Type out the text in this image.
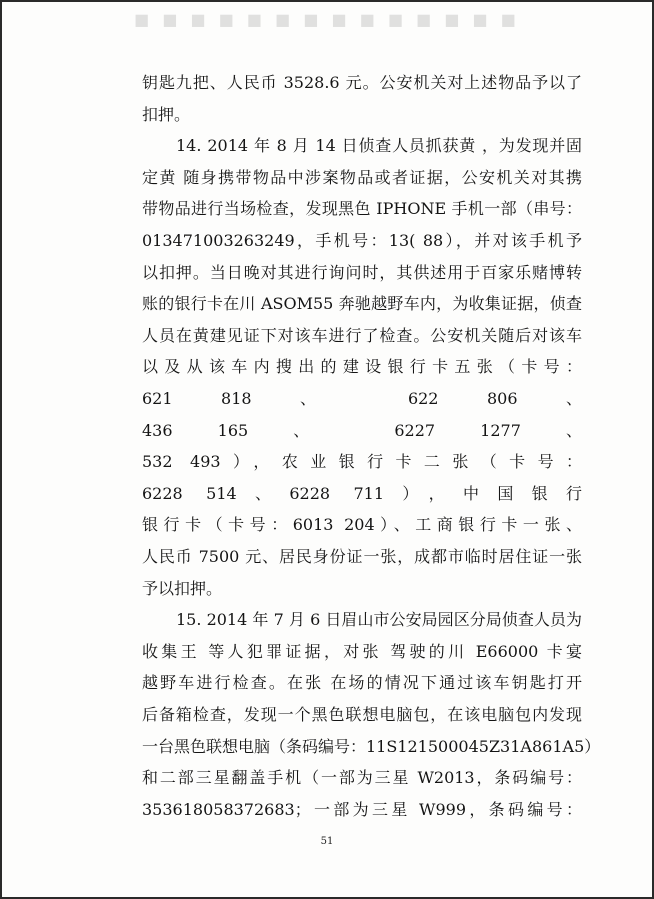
■ ■ ■ ■ ■ ■ ■ ■ ■ ■ ■ ■ ■ ■
51
钥匙九把、人民币 3528.6 元。公安机关对上述物品予以了
扣押。
14. 2014 年 8 月 14 日侦查人员抓获黄 ，为发现并固
定黄 随身携带物品中涉案物品或者证据，公安机关对其携
带物品进行当场检查，发现黑色 IPHONE 手机一部（串号：
013471003263249，手机号：13( 88），并对该手机予
以扣押。当日晚对其进行询问时，其供述用于百家乐赌博转
账的银行卡在川 ASOM55 奔驰越野车内，为收集证据，侦查
人员在黄建见证下对该车进行了检查。公安机关随后对该车
以及从该车内搜出的建设银行卡五张（卡号：
621 818 、 622 806 、
436 165 、 6227 1277 、
532 493），农业银行卡二张（卡号：
6228 514、6228 711），中国银行
银行卡（卡号：6013 204）、工商银行卡一张、
人民币 7500 元、居民身份证一张，成都市临时居住证一张
予以扣押。
15. 2014 年 7 月 6 日眉山市公安局园区分局侦查人员为
收集王 等人犯罪证据，对张 驾驶的川 E66000 卡宴
越野车进行检查。在张 在场的情况下通过该车钥匙打开
后备箱检查，发现一个黑色联想电脑包，在该电脑包内发现
一台黑色联想电脑（条码编号：11S121500045Z31A861A5）
和二部三星翻盖手机（一部为三星 W2013，条码编号：
353618058372683；一部为三星 W999，条码编号：
